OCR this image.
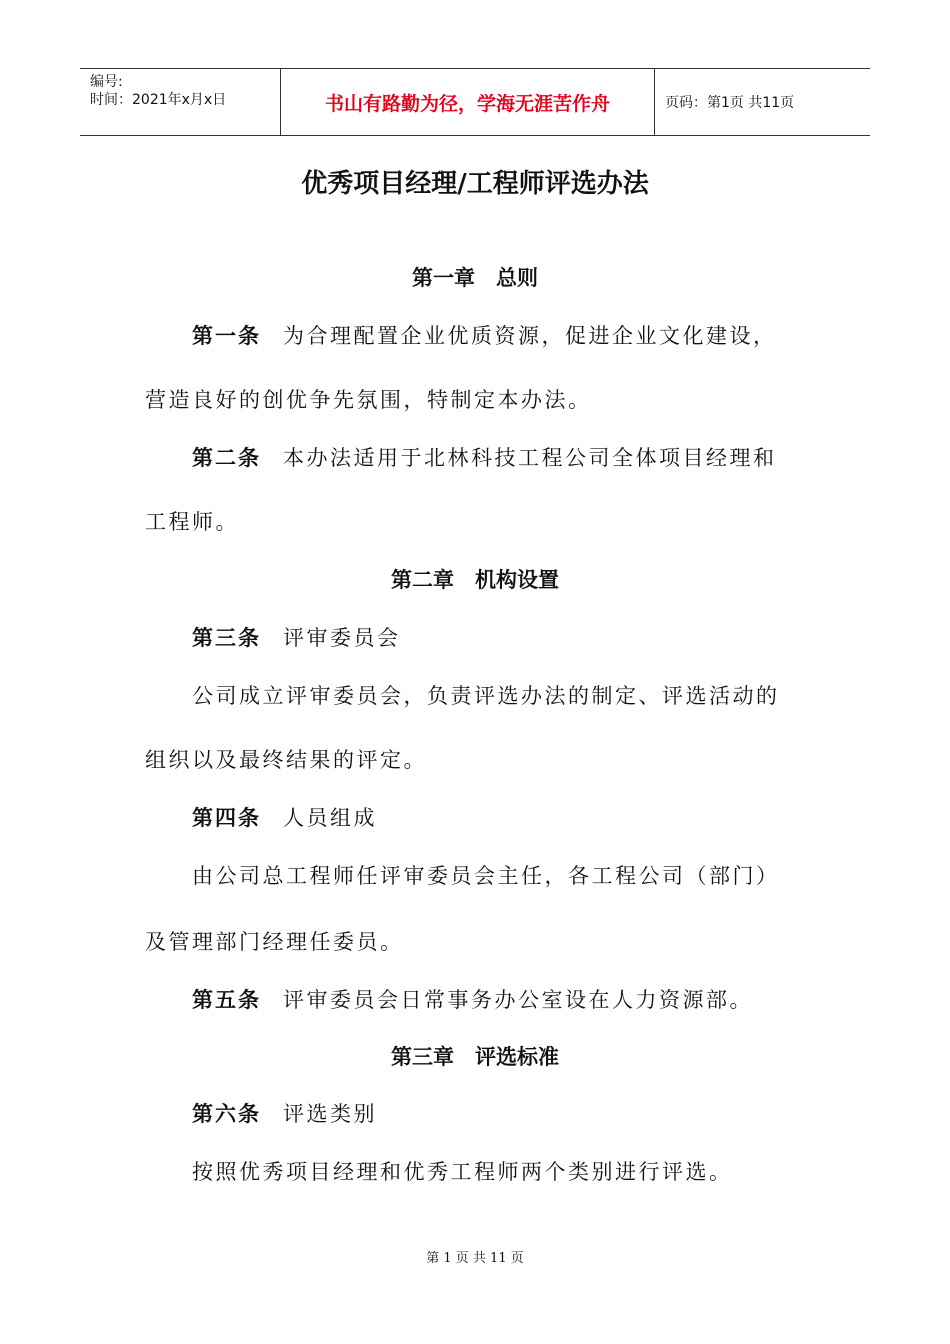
编号:
时间：2021年x月x日	书山有路勤为径，学海无涯苦作舟	页码：第1页 共11页
优秀项目经理/工程师评选办法
第一章　总则
第一条 为合理配置企业优质资源，促进企业文化建设，
营造良好的创优争先氛围，特制定本办法。
第二条 本办法适用于北林科技工程公司全体项目经理和
工程师。
第二章　机构设置
第三条 评审委员会
公司成立评审委员会，负责评选办法的制定、评选活动的
组织以及最终结果的评定。
第四条 人员组成
由公司总工程师任评审委员会主任，各工程公司（部门）
及管理部门经理任委员。
第五条 评审委员会日常事务办公室设在人力资源部。
第三章　评选标准
第六条 评选类别
按照优秀项目经理和优秀工程师两个类别进行评选。
第 1 页 共 11 页
